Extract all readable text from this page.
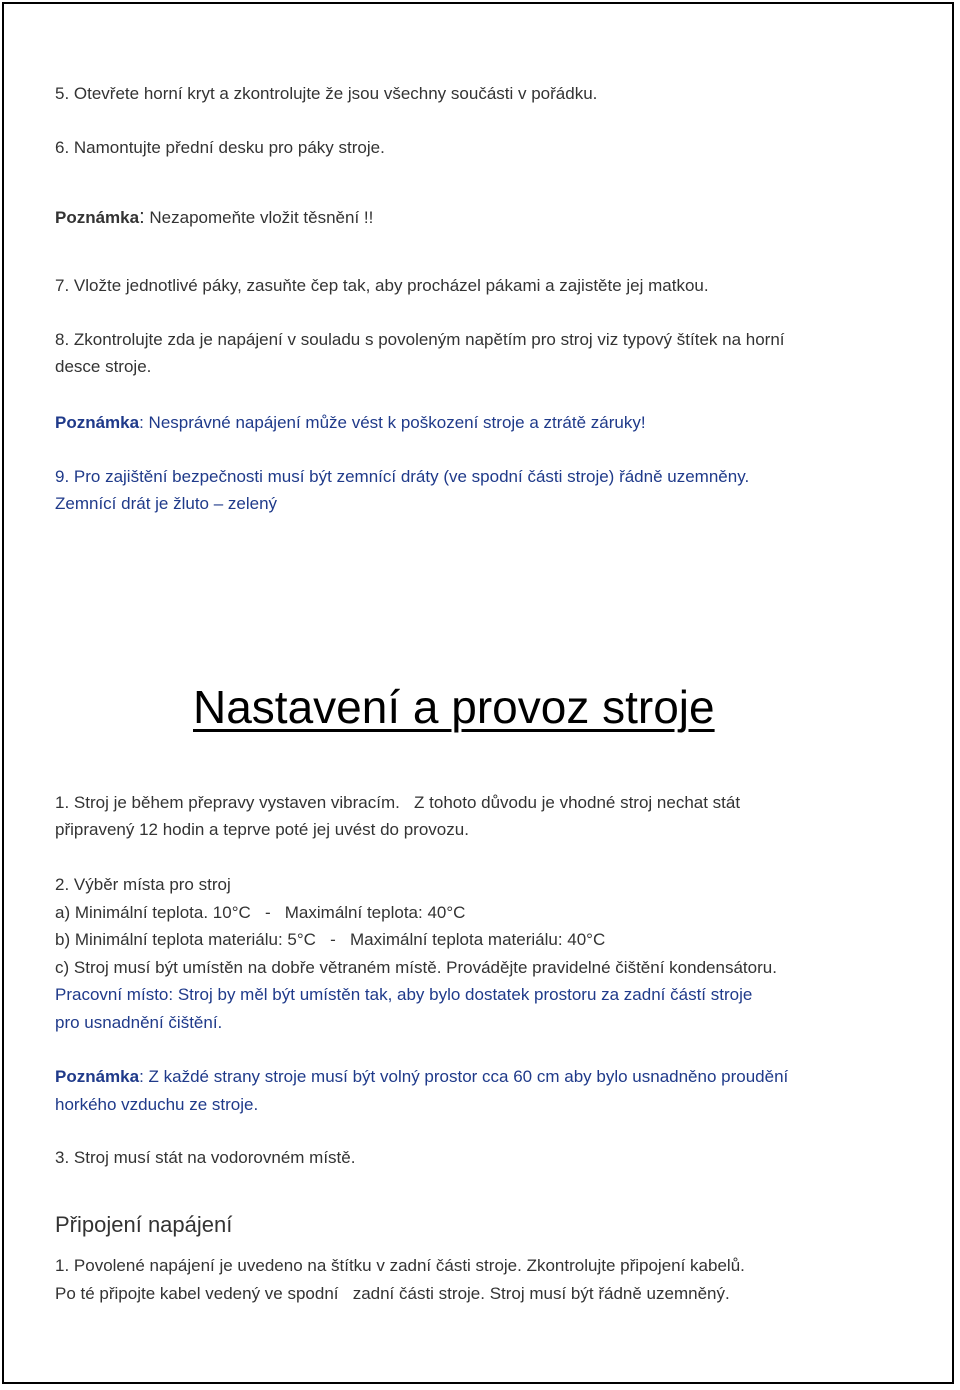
5. Otevřete horní kryt a zkontrolujte že jsou všechny součásti v pořádku.
6. Namontujte přední desku pro páky stroje.
Poznámka: Nezapomeňte vložit těsnění !!
7. Vložte jednotlivé páky, zasuňte čep tak, aby procházel pákami a zajistěte jej matkou.
8. Zkontrolujte zda je napájení v souladu s povoleným napětím pro stroj viz typový štítek na horní
desce stroje.
Poznámka: Nesprávné napájení může vést k poškození stroje a ztrátě záruky!
9. Pro zajištění bezpečnosti musí být zemnící dráty (ve spodní části stroje) řádně uzemněny.
Zemnící drát je žluto – zelený
Nastavení a provoz stroje
1. Stroj je během přepravy vystaven vibracím.   Z tohoto důvodu je vhodné stroj nechat stát
připravený 12 hodin a teprve poté jej uvést do provozu.
2. Výběr místa pro stroj
a) Minimální teplota. 10°C   -   Maximální teplota: 40°C
b) Minimální teplota materiálu: 5°C   -   Maximální teplota materiálu: 40°C
c) Stroj musí být umístěn na dobře větraném místě. Provádějte pravidelné čištění kondensátoru.
Pracovní místo: Stroj by měl být umístěn tak, aby bylo dostatek prostoru za zadní částí stroje
pro usnadnění čištění.
Poznámka: Z každé strany stroje musí být volný prostor cca 60 cm aby bylo usnadněno proudění
horkého vzduchu ze stroje.
3. Stroj musí stát na vodorovném místě.
Připojení napájení
1. Povolené napájení je uvedeno na štítku v zadní části stroje. Zkontrolujte připojení kabelů.
Po té připojte kabel vedený ve spodní   zadní části stroje. Stroj musí být řádně uzemněný.
